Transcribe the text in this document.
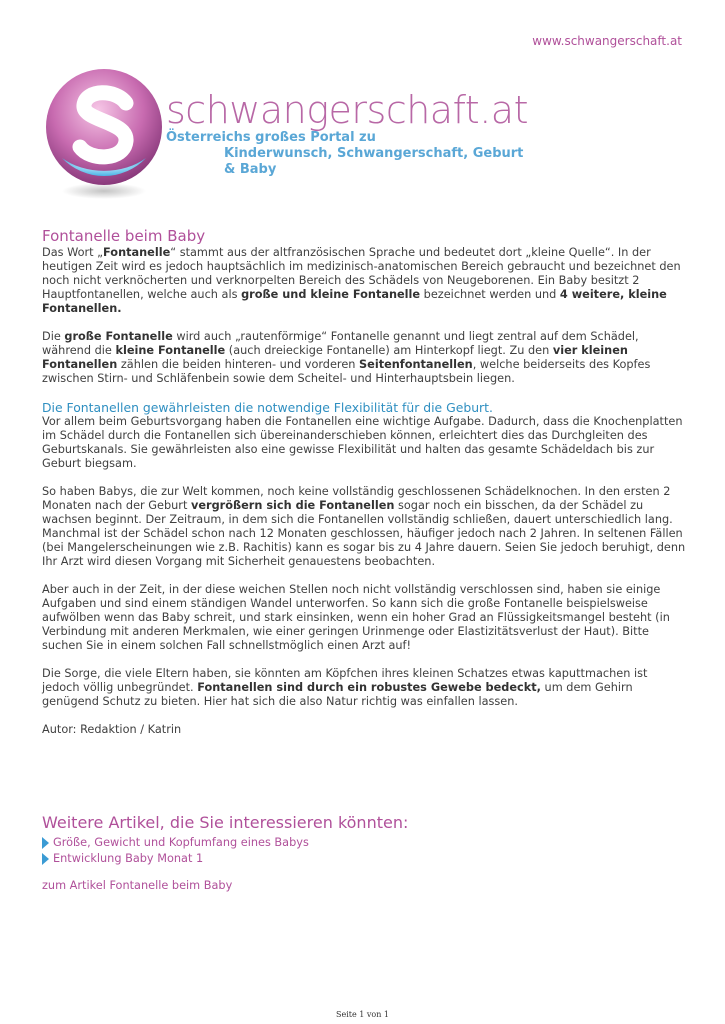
www.schwangerschaft.at
schwangerschaft.at
Österreichs großes Portal zu
Kinderwunsch, Schwangerschaft, Geburt & Baby
Fontanelle beim Baby

Das Wort „Fontanelle“ stammt aus der altfranzösischen Sprache und bedeutet dort „kleine Quelle“. In der heutigen Zeit wird es jedoch hauptsächlich im medizinisch-anatomischen Bereich gebraucht und bezeichnet den noch nicht verknöcherten und verknorpelten Bereich des Schädels von Neugeborenen. Ein Baby besitzt 2 Hauptfontanellen, welche auch als große und kleine Fontanelle bezeichnet werden und 4 weitere, kleine Fontanellen.

Die große Fontanelle wird auch „rautenförmige“ Fontanelle genannt und liegt zentral auf dem Schädel, während die kleine Fontanelle (auch dreieckige Fontanelle) am Hinterkopf liegt. Zu den vier kleinen Fontanellen zählen die beiden hinteren- und vorderen Seitenfontanellen, welche beiderseits des Kopfes zwischen Stirn- und Schläfenbein sowie dem Scheitel- und Hinterhauptsbein liegen.

Die Fontanellen gewährleisten die notwendige Flexibilität für die Geburt.

Vor allem beim Geburtsvorgang haben die Fontanellen eine wichtige Aufgabe. Dadurch, dass die Knochenplatten im Schädel durch die Fontanellen sich übereinanderschieben können, erleichtert dies das Durchgleiten des Geburtskanals. Sie gewährleisten also eine gewisse Flexibilität und halten das gesamte Schädeldach bis zur Geburt biegsam.

So haben Babys, die zur Welt kommen, noch keine vollständig geschlossenen Schädelknochen. In den ersten 2 Monaten nach der Geburt vergrößern sich die Fontanellen sogar noch ein bisschen, da der Schädel zu wachsen beginnt. Der Zeitraum, in dem sich die Fontanellen vollständig schließen, dauert unterschiedlich lang. Manchmal ist der Schädel schon nach 12 Monaten geschlossen, häufiger jedoch nach 2 Jahren. In seltenen Fällen (bei Mangelerscheinungen wie z.B. Rachitis) kann es sogar bis zu 4 Jahre dauern. Seien Sie jedoch beruhigt, denn Ihr Arzt wird diesen Vorgang mit Sicherheit genauestens beobachten.

Aber auch in der Zeit, in der diese weichen Stellen noch nicht vollständig verschlossen sind, haben sie einige Aufgaben und sind einem ständigen Wandel unterworfen. So kann sich die große Fontanelle beispielsweise aufwölben wenn das Baby schreit, und stark einsinken, wenn ein hoher Grad an Flüssigkeitsmangel besteht (in Verbindung mit anderen Merkmalen, wie einer geringen Urinmenge oder Elastizitätsverlust der Haut). Bitte suchen Sie in einem solchen Fall schnellstmöglich einen Arzt auf!

Die Sorge, die viele Eltern haben, sie könnten am Köpfchen ihres kleinen Schatzes etwas kaputtmachen ist jedoch völlig unbegründet. Fontanellen sind durch ein robustes Gewebe bedeckt, um dem Gehirn genügend Schutz zu bieten. Hier hat sich die also Natur richtig was einfallen lassen.

Autor: Redaktion / Katrin

Weitere Artikel, die Sie interessieren könnten:
Größe, Gewicht und Kopfumfang eines Babys
Entwicklung Baby Monat 1
zum Artikel Fontanelle beim Baby
Seite 1 von 1
